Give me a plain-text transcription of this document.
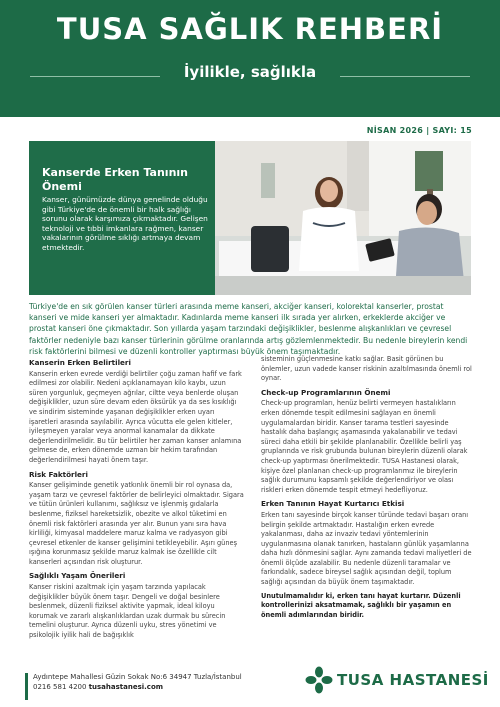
TUSA SAĞLIK REHBERİ
İyilikle, sağlıkla
NİSAN 2026 | SAYI: 15
Kanserde Erken Tanının Önemi
Kanser, günümüzde dünya genelinde olduğu gibi Türkiye'de de önemli bir halk sağlığı sorunu olarak karşımıza çıkmaktadır. Gelişen teknoloji ve tıbbi imkanlara rağmen, kanser vakalarının görülme sıklığı artmaya devam etmektedir.
Türkiye'de en sık görülen kanser türleri arasında meme kanseri, akciğer kanseri, kolorektal kanserler, prostat kanseri ve mide kanseri yer almaktadır. Kadınlarda meme kanseri ilk sırada yer alırken, erkeklerde akciğer ve prostat kanseri öne çıkmaktadır. Son yıllarda yaşam tarzındaki değişiklikler, beslenme alışkanlıkları ve çevresel faktörler nedeniyle bazı kanser türlerinin görülme oranlarında artış gözlemlenmektedir. Bu nedenle bireylerin kendi risk faktörlerini bilmesi ve düzenli kontroller yaptırması büyük önem taşımaktadır.
Kanserin Erken Belirtileri

Kanserin erken evrede verdiği belirtiler çoğu zaman hafif ve fark edilmesi zor olabilir. Nedeni açıklanamayan kilo kaybı, uzun süren yorgunluk, geçmeyen ağrılar, ciltte veya benlerde oluşan değişiklikler, uzun süre devam eden öksürük ya da ses kısıklığı ve sindirim sisteminde yaşanan değişiklikler erken uyarı işaretleri arasında sayılabilir. Ayrıca vücutta ele gelen kitleler, iyileşmeyen yaralar veya anormal kanamalar da dikkate değerlendirilmelidir. Bu tür belirtiler her zaman kanser anlamına gelmese de, erken dönemde uzman bir hekim tarafından değerlendirilmesi hayati önem taşır.

Risk Faktörleri

Kanser gelişiminde genetik yatkınlık önemli bir rol oynasa da, yaşam tarzı ve çevresel faktörler de belirleyici olmaktadır. Sigara ve tütün ürünleri kullanımı, sağlıksız ve işlenmiş gıdalarla beslenme, fiziksel hareketsizlik, obezite ve alkol tüketimi en önemli risk faktörleri arasında yer alır. Bunun yanı sıra hava kirliliği, kimyasal maddelere maruz kalma ve radyasyon gibi çevresel etkenler de kanser gelişimini tetikleyebilir. Aşırı güneş ışığına korunmasız şekilde maruz kalmak ise özellikle cilt kanserleri açısından risk oluşturur.

Sağlıklı Yaşam Önerileri

Kanser riskini azaltmak için yaşam tarzında yapılacak değişiklikler büyük önem taşır. Dengeli ve doğal besinlere beslenmek, düzenli fiziksel aktivite yapmak, ideal kiloyu korumak ve zararlı alışkanlıklardan uzak durmak bu sürecin temelini oluşturur. Ayrıca düzenli uyku, stres yönetimi ve psikolojik iyilik hali de bağışıklık

sisteminin güçlenmesine katkı sağlar. Basit görünen bu önlemler, uzun vadede kanser riskinin azaltılmasında önemli rol oynar.

Check-up Programlarının Önemi

Check-up programları, henüz belirti vermeyen hastalıkların erken dönemde tespit edilmesini sağlayan en önemli uygulamalardan biridir. Kanser tarama testleri sayesinde hastalık daha başlangıç aşamasında yakalanabilir ve tedavi süreci daha etkili bir şekilde planlanabilir. Özellikle belirli yaş gruplarında ve risk grubunda bulunan bireylerin düzenli olarak check-up yaptırması önerilmektedir. TUSA Hastanesi olarak, kişiye özel planlanan check-up programlarımız ile bireylerin sağlık durumunu kapsamlı şekilde değerlendiriyor ve olası riskleri erken dönemde tespit etmeyi hedefliyoruz.

Erken Tanının Hayat Kurtarıcı Etkisi

Erken tanı sayesinde birçok kanser türünde tedavi başarı oranı belirgin şekilde artmaktadır. Hastalığın erken evrede yakalanması, daha az invaziv tedavi yöntemlerinin uygulanmasına olanak tanırken, hastaların günlük yaşamlarına daha hızlı dönmesini sağlar. Aynı zamanda tedavi maliyetleri de önemli ölçüde azalabilir. Bu nedenle düzenli taramalar ve farkındalık, sadece bireysel sağlık açısından değil, toplum sağlığı açısından da büyük önem taşımaktadır.

Unutulmamalıdır ki, erken tanı hayat kurtarır. Düzenli kontrollerinizi aksatmamak, sağlıklı bir yaşamın en önemli adımlarından biridir.

Aydıntepe Mahallesi Güzin Sokak No:6 34947 Tuzla/İstanbul
0216 581 4200 tusahastanesi.com	TUSA HASTANESİ
